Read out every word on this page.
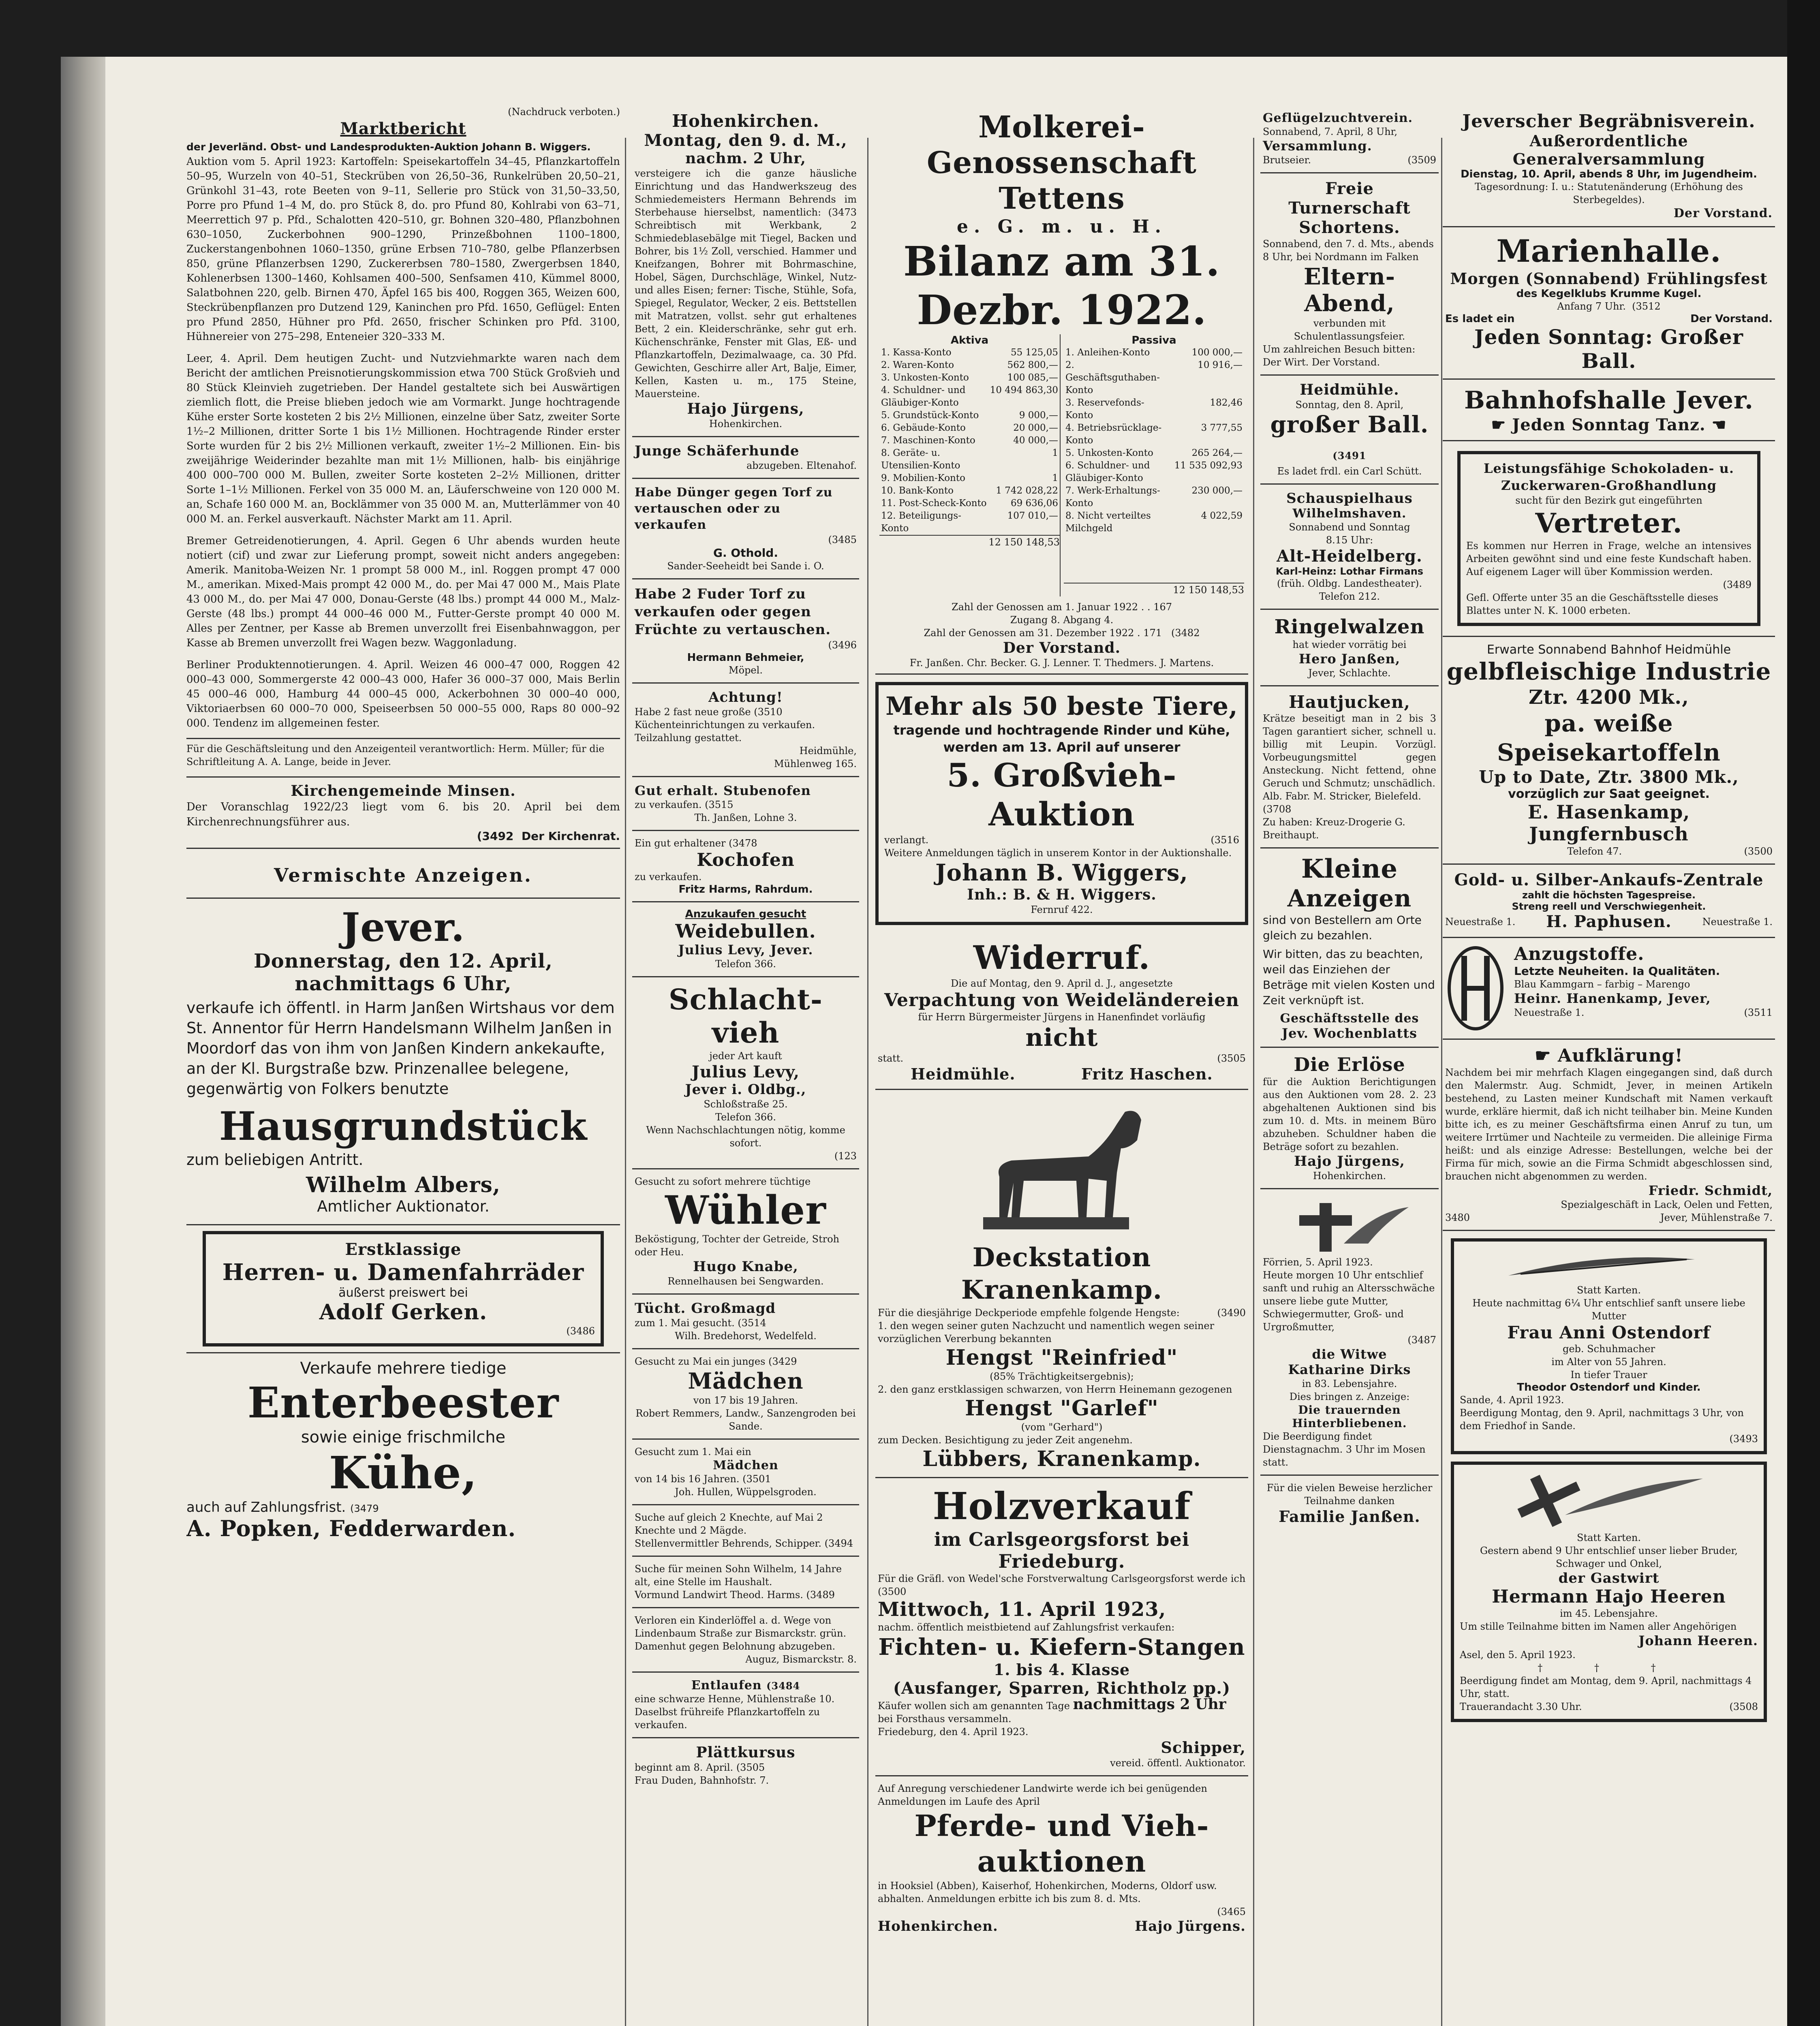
(Nachdruck verboten.)
Marktbericht
der Jeverländ. Obst- und Landesprodukten-Auktion Johann B. Wiggers.

Auktion vom 5. April 1923: Kartoffeln: Speisekartoffeln 34–45, Pflanzkartoffeln 50–95, Wurzeln von 40–51, Steckrüben von 26,50–36, Runkelrüben 20,50–21, Grünkohl 31–43, rote Beeten von 9–11, Sellerie pro Stück von 31,50–33,50, Porre pro Pfund 1–4 M, do. pro Stück 8, do. pro Pfund 80, Kohlrabi von 63–71, Meerrettich 97 p. Pfd., Schalotten 420–510, gr. Bohnen 320–480, Pflanzbohnen 630–1050, Zuckerbohnen 900–1290, Prinzeßbohnen 1100–1800, Zuckerstangenbohnen 1060–1350, grüne Erbsen 710–780, gelbe Pflanzerbsen 850, grüne Pflanzerbsen 1290, Zuckererbsen 780–1580, Zwergerbsen 1840, Kohlenerbsen 1300–1460, Kohlsamen 400–500, Senfsamen 410, Kümmel 8000, Salatbohnen 220, gelb. Birnen 470, Äpfel 165 bis 400, Roggen 365, Weizen 600, Steckrübenpflanzen pro Dutzend 129, Kaninchen pro Pfd. 1650, Geflügel: Enten pro Pfund 2850, Hühner pro Pfd. 2650, frischer Schinken pro Pfd. 3100, Hühnereier von 275–298, Enteneier 320–333 M.

Leer, 4. April. Dem heutigen Zucht- und Nutzviehmarkte waren nach dem Bericht der amtlichen Preisnotierungskommission etwa 700 Stück Großvieh und 80 Stück Kleinvieh zugetrieben. Der Handel gestaltete sich bei Auswärtigen ziemlich flott, die Preise blieben jedoch wie am Vormarkt. Junge hochtragende Kühe erster Sorte kosteten 2 bis 2½ Millionen, einzelne über Satz, zweiter Sorte 1½–2 Millionen, dritter Sorte 1 bis 1½ Millionen. Hochtragende Rinder erster Sorte wurden für 2 bis 2½ Millionen verkauft, zweiter 1½–2 Millionen. Ein- bis zweijährige Weiderinder bezahlte man mit 1½ Millionen, halb- bis einjährige 400 000–700 000 M. Bullen, zweiter Sorte kosteten 2–2½ Millionen, dritter Sorte 1–1½ Millionen. Ferkel von 35 000 M. an, Läuferschweine von 120 000 M. an, Schafe 160 000 M. an, Bocklämmer von 35 000 M. an, Mutterlämmer von 40 000 M. an. Ferkel ausverkauft. Nächster Markt am 11. April.

Bremer Getreidenotierungen, 4. April. Gegen 6 Uhr abends wurden heute notiert (cif) und zwar zur Lieferung prompt, soweit nicht anders angegeben: Amerik. Manitoba-Weizen Nr. 1 prompt 58 000 M., inl. Roggen prompt 47 000 M., amerikan. Mixed-Mais prompt 42 000 M., do. per Mai 47 000 M., Mais Plate 43 000 M., do. per Mai 47 000, Donau-Gerste (48 lbs.) prompt 44 000 M., Malz-Gerste (48 lbs.) prompt 44 000–46 000 M., Futter-Gerste prompt 40 000 M. Alles per Zentner, per Kasse ab Bremen unverzollt frei Eisenbahnwaggon, per Kasse ab Bremen unverzollt frei Wagen bezw. Waggonladung.

Berliner Produktennotierungen. 4. April. Weizen 46 000–47 000, Roggen 42 000–43 000, Sommergerste 42 000–43 000, Hafer 36 000–37 000, Mais Berlin 45 000–46 000, Hamburg 44 000–45 000, Ackerbohnen 30 000–40 000, Viktoriaerbsen 60 000–70 000, Speiseerbsen 50 000–55 000, Raps 80 000–92 000. Tendenz im allgemeinen fester.

Für die Geschäftsleitung und den Anzeigenteil verantwortlich: Herm. Müller; für die Schriftleitung A. A. Lange, beide in Jever.

Kirchengemeinde Minsen.

Der Voranschlag 1922/23 liegt vom 6. bis 20. April bei dem Kirchenrechnungsführer aus.

(3492 Der Kirchenrat.
Vermischte Anzeigen.
Jever.
Donnerstag, den 12. April,
nachmittags 6 Uhr,

verkaufe ich öffentl. in Harm Janßen Wirtshaus vor dem St. Annentor für Herrn Handelsmann Wilhelm Janßen in Moordorf das von ihm von Janßen Kindern ankekaufte, an der Kl. Burgstraße bzw. Prinzenallee belegene, gegenwärtig von Folkers benutzte

Hausgrundstück
zum beliebigen Antritt.
Wilhelm Albers,
Amtlicher Auktionator.
Erstklassige
Herren- u. Damenfahrräder
äußerst preiswert bei
Adolf Gerken.
(3486
Verkaufe mehrere tiedige
Enterbeester
sowie einige frischmilche
Kühe,
auch auf Zahlungsfrist. (3479
A. Popken, Fedderwarden.
Hohenkirchen.
Montag, den 9. d. M.,
nachm. 2 Uhr,

versteigere ich die ganze häusliche Einrichtung und das Handwerkszeug des Schmiedemeisters Hermann Behrends im Sterbehause hierselbst, namentlich: (3473 Schreibtisch mit Werkbank, 2 Schmiedeblasebälge mit Tiegel, Backen und Bohrer, bis 1½ Zoll, verschied. Hammer und Kneifzangen, Bohrer mit Bohrmaschine, Hobel, Sägen, Durchschläge, Winkel, Nutz- und alles Eisen; ferner: Tische, Stühle, Sofa, Spiegel, Regulator, Wecker, 2 eis. Bettstellen mit Matratzen, vollst. sehr gut erhaltenes Bett, 2 ein. Kleiderschränke, sehr gut erh. Küchenschränke, Fenster mit Glas, Eß- und Pflanzkartoffeln, Dezimalwaage, ca. 30 Pfd. Gewichten, Geschirre aller Art, Balje, Eimer, Kellen, Kasten u. m., 175 Steine, Mauersteine.

Hajo Jürgens,
Hohenkirchen.
Junge Schäferhunde
abzugeben. Eltenahof.
Habe Dünger gegen Torf zu vertauschen oder zu verkaufen
(3485
G. Othold.
Sander-Seeheidt bei Sande i. O.
Habe 2 Fuder Torf zu verkaufen oder gegen Früchte zu vertauschen.
(3496
Hermann Behmeier,
Möpel.
Achtung!
Habe 2 fast neue große (3510 Küchenteinrichtungen zu verkaufen. Teilzahlung gestattet.
Heidmühle,
Mühlenweg 165.
Gut erhalt. Stubenofen
zu verkaufen. (3515
Th. Janßen, Lohne 3.
Ein gut erhaltener (3478
Kochofen
zu verkaufen.
Fritz Harms, Rahrdum.
Anzukaufen gesucht
Weidebullen.
Julius Levy, Jever.
Telefon 366.
Schlacht-
vieh
jeder Art kauft
Julius Levy,
Jever i. Oldbg.,
Schloßstraße 25.
Telefon 366.
Wenn Nachschlachtungen nötig, komme sofort.
(123
Gesucht zu sofort mehrere tüchtige
Wühler
Beköstigung, Tochter der Getreide, Stroh oder Heu.
Hugo Knabe,
Rennelhausen bei Sengwarden.
Tücht. Großmagd
zum 1. Mai gesucht. (3514
Wilh. Bredehorst, Wedelfeld.
Gesucht zu Mai ein junges (3429
Mädchen
von 17 bis 19 Jahren.
Robert Remmers, Landw., Sanzengroden bei Sande.
Gesucht zum 1. Mai ein
Mädchen
von 14 bis 16 Jahren. (3501
Joh. Hullen, Wüppelsgroden.
Suche auf gleich 2 Knechte, auf Mai 2 Knechte und 2 Mägde.
Stellenvermittler Behrends, Schipper. (3494
Suche für meinen Sohn Wilhelm, 14 Jahre alt, eine Stelle im Haushalt.
Vormund Landwirt Theod. Harms. (3489
Verloren ein Kinderlöffel a. d. Wege von Lindenbaum Straße zur Bismarckstr. grün. Damenhut gegen Belohnung abzugeben.
Auguz, Bismarckstr. 8.
Entlaufen (3484
eine schwarze Henne, Mühlenstraße 10.
Daselbst frühreife Pflanzkartoffeln zu verkaufen.
Plättkursus
beginnt am 8. April. (3505
Frau Duden, Bahnhofstr. 7.
Molkerei-Genossenschaft Tettens
e. G. m. u. H.
Bilanz am 31. Dezbr. 1922.
Aktiva
1. Kassa-Konto	55 125,05
2. Waren-Konto	562 800,—
3. Unkosten-Konto	100 085,—
4. Schuldner- und Gläubiger-Konto	10 494 863,30
5. Grundstück-Konto	9 000,—
6. Gebäude-Konto	20 000,—
7. Maschinen-Konto	40 000,—
8. Geräte- u. Utensilien-Konto	1
9. Mobilien-Konto	1
10. Bank-Konto	1 742 028,22
11. Post-Scheck-Konto	69 636,06
12. Beteiligungs-Konto	107 010,—
12 150 148,53
Passiva
1. Anleihen-Konto	100 000,—
2. Geschäftsguthaben-Konto	10 916,—
3. Reservefonds-Konto	182,46
4. Betriebsrücklage-Konto	3 777,55
5. Unkosten-Konto	265 264,—
6. Schuldner- und Gläubiger-Konto	11 535 092,93
7. Werk-Erhaltungs-Konto	230 000,—
8. Nicht verteiltes Milchgeld	4 022,59
12 150 148,53
Zahl der Genossen am 1. Januar 1922 . . 167
Zugang 8. Abgang 4.
Zahl der Genossen am 31. Dezember 1922 . 171 (3482
Der Vorstand.
Fr. Janßen. Chr. Becker. G. J. Lenner. T. Thedmers. J. Martens.
Mehr als 50 beste Tiere,
tragende und hochtragende Rinder und Kühe, werden am 13. April auf unserer
5. Großvieh-Auktion
verlangt.	(3516
Weitere Anmeldungen täglich in unserem Kontor in der Auktionshalle.
Johann B. Wiggers,
Inh.: B. & H. Wiggers.
Fernruf 422.
Widerruf.
Die auf Montag, den 9. April d. J., angesetzte
Verpachtung von Weideländereien
für Herrn Bürgermeister Jürgens in Hanenfindet vorläufig
nicht
statt.	(3505
Heidmühle.	Fritz Haschen.
Deckstation Kranenkamp.
Für die diesjährige Deckperiode empfehle folgende Hengste:	(3490
1. den wegen seiner guten Nachzucht und namentlich wegen seiner vorzüglichen Vererbung bekannten
Hengst "Reinfried"
(85% Trächtigkeitsergebnis);
2. den ganz erstklassigen schwarzen, von Herrn Heinemann gezogenen
Hengst "Garlef"
(vom "Gerhard")
zum Decken. Besichtigung zu jeder Zeit angenehm.
Lübbers, Kranenkamp.
Holzverkauf
im Carlsgeorgsforst bei Friedeburg.
Für die Gräfl. von Wedel'sche Forstverwaltung Carlsgeorgsforst werde ich (3500
Mittwoch, 11. April 1923,
nachm. öffentlich meistbietend auf Zahlungsfrist verkaufen:
Fichten- u. Kiefern-Stangen
1. bis 4. Klasse
(Ausfanger, Sparren, Richtholz pp.)
Käufer wollen sich am genannten Tage nachmittags 2 Uhr
bei Forsthaus versammeln.
Friedeburg, den 4. April 1923.
Schipper,
vereid. öffentl. Auktionator.
Auf Anregung verschiedener Landwirte werde ich bei genügenden Anmeldungen im Laufe des April
Pferde- und Vieh-auktionen
in Hooksiel (Abben), Kaiserhof, Hohenkirchen, Moderns, Oldorf usw. abhalten. Anmeldungen erbitte ich bis zum 8. d. Mts.
(3465
Hohenkirchen.	Hajo Jürgens.
Geflügelzuchtverein.
Sonnabend, 7. April, 8 Uhr,
Versammlung.
Brutseier.	(3509
Freie Turnerschaft Schortens.
Sonnabend, den 7. d. Mts., abends 8 Uhr, bei Nordmann im Falken
Eltern-Abend,
verbunden mit Schulentlassungsfeier.
Um zahlreichen Besuch bitten:
Der Wirt. Der Vorstand.
Heidmühle.
Sonntag, den 8. April,
großer Ball. (3491
Es ladet frdl. ein Carl Schütt.
Schauspielhaus
Wilhelmshaven.
Sonnabend und Sonntag
8.15 Uhr:
Alt-Heidelberg.
Karl-Heinz: Lothar Firmans
(früh. Oldbg. Landestheater).
Telefon 212.
Ringelwalzen
hat wieder vorrätig bei
Hero Janßen,
Jever, Schlachte.
Hautjucken,
Krätze beseitigt man in 2 bis 3 Tagen garantiert sicher, schnell u. billig mit Leupin. Vorzügl. Vorbeugungsmittel gegen Ansteckung. Nicht fettend, ohne Geruch und Schmutz; unschädlich.
Alb. Fabr. M. Stricker, Bielefeld. (3708
Zu haben: Kreuz-Drogerie G. Breithaupt.
Kleine
Anzeigen
sind von Bestellern am Orte gleich zu bezahlen.
Wir bitten, das zu beachten, weil das Einziehen der Beträge mit vielen Kosten und Zeit verknüpft ist.
Geschäftsstelle des
Jev. Wochenblatts
Die Erlöse
für die Auktion Berichtigungen aus den Auktionen vom 28. 2. 23 abgehaltenen Auktionen sind bis zum 10. d. Mts. in meinem Büro abzuheben. Schuldner haben die Beträge sofort zu bezahlen.
Hajo Jürgens,
Hohenkirchen.
Förrien, 5. April 1923.
Heute morgen 10 Uhr entschlief sanft und ruhig an Altersschwäche unsere liebe gute Mutter, Schwiegermutter, Groß- und Urgroßmutter,
(3487
die Witwe
Katharine Dirks
in 83. Lebensjahre.
Dies bringen z. Anzeige:
Die trauernden Hinterbliebenen.
Die Beerdigung findet Dienstagnachm. 3 Uhr im Mosen statt.
Für die vielen Beweise herzlicher Teilnahme danken
Familie Janßen.
Jeverscher Begräbnisverein.
Außerordentliche Generalversammlung
Dienstag, 10. April, abends 8 Uhr, im Jugendheim.
Tagesordnung: I. u.: Statutenänderung (Erhöhung des Sterbegeldes).
Der Vorstand.
Marienhalle.
Morgen (Sonnabend) Frühlingsfest
des Kegelklubs Krumme Kugel.
Anfang 7 Uhr. (3512
Es ladet ein	Der Vorstand.
Jeden Sonntag: Großer Ball.
Bahnhofshalle Jever.
☛ Jeden Sonntag Tanz. ☚
Leistungsfähige Schokoladen- u. Zuckerwaren-Großhandlung
sucht für den Bezirk gut eingeführten
Vertreter.
Es kommen nur Herren in Frage, welche an intensives Arbeiten gewöhnt sind und eine feste Kundschaft haben. Auf eigenem Lager will über Kommission werden.
(3489
Gefl. Offerte unter 35 an die Geschäftsstelle dieses Blattes unter N. K. 1000 erbeten.
Erwarte Sonnabend Bahnhof Heidmühle
gelbfleischige Industrie
Ztr. 4200 Mk.,
pa. weiße Speisekartoffeln
Up to Date, Ztr. 3800 Mk.,
vorzüglich zur Saat geeignet.
E. Hasenkamp, Jungfernbusch
Telefon 47.	(3500
Gold- u. Silber-Ankaufs-Zentrale
zahlt die höchsten Tagespreise.
Streng reell und Verschwiegenheit.
Neuestraße 1. H. Paphusen.	Neuestraße 1.
Anzugstoffe.
Letzte Neuheiten. Ia Qualitäten.
Blau Kammgarn – farbig – Marengo
Heinr. Hanenkamp, Jever,
Neuestraße 1.	(3511
☛ Aufklärung!
Nachdem bei mir mehrfach Klagen eingegangen sind, daß durch den Malermstr. Aug. Schmidt, Jever, in meinen Artikeln bestehend, zu Lasten meiner Kundschaft mit Namen verkauft wurde, erkläre hiermit, daß ich nicht teilhaber bin. Meine Kunden bitte ich, es zu meiner Geschäftsfirma einen Anruf zu tun, um weitere Irrtümer und Nachteile zu vermeiden. Die alleinige Firma heißt: und als einzige Adresse: Bestellungen, welche bei der Firma für mich, sowie an die Firma Schmidt abgeschlossen sind, brauchen nicht abgenommen zu werden.
Friedr. Schmidt,
Spezialgeschäft in Lack, Oelen und Fetten,
3480	Jever, Mühlenstraße 7.
Statt Karten.
Heute nachmittag 6¼ Uhr entschlief sanft unsere liebe Mutter
Frau Anni Ostendorf
geb. Schuhmacher
im Alter von 55 Jahren.
In tiefer Trauer
Theodor Ostendorf und Kinder.
Sande, 4. April 1923.
Beerdigung Montag, den 9. April, nachmittags 3 Uhr, von dem Friedhof in Sande.
(3493
Statt Karten.
Gestern abend 9 Uhr entschlief unser lieber Bruder, Schwager und Onkel,
der Gastwirt
Hermann Hajo Heeren
im 45. Lebensjahre.
Um stille Teilnahme bitten im Namen aller Angehörigen
Johann Heeren.
Asel, den 5. April 1923.
† † †
Beerdigung findet am Montag, dem 9. April, nachmittags 4 Uhr, statt.
Trauerandacht 3.30 Uhr.	(3508
